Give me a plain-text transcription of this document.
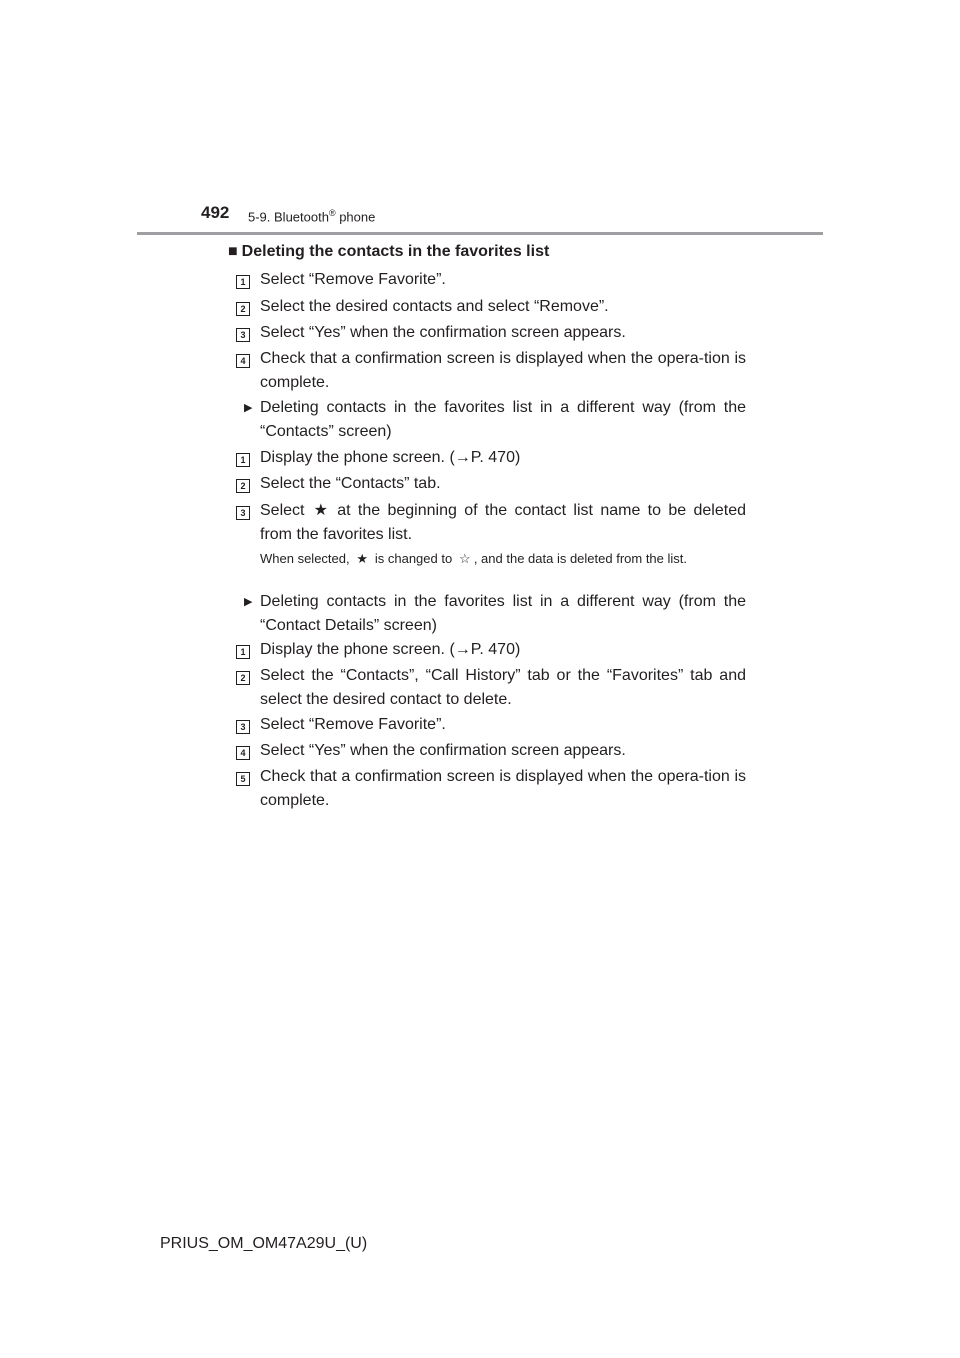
492 5-9. Bluetooth® phone
■ Deleting the contacts in the favorites list
1 Select “Remove Favorite”.
2 Select the desired contacts and select “Remove”.
3 Select “Yes” when the confirmation screen appears.
4 Check that a confirmation screen is displayed when the opera-tion is complete.
▶ Deleting contacts in the favorites list in a different way (from the “Contacts” screen)
1 Display the phone screen. (→P. 470)
2 Select the “Contacts” tab.
3 Select ★ at the beginning of the contact list name to be deleted from the favorites list.
When selected, ★ is changed to ☆ , and the data is deleted from the list.
▶ Deleting contacts in the favorites list in a different way (from the “Contact Details” screen)
1 Display the phone screen. (→P. 470)
2 Select the “Contacts”, “Call History” tab or the “Favorites” tab and select the desired contact to delete.
3 Select “Remove Favorite”.
4 Select “Yes” when the confirmation screen appears.
5 Check that a confirmation screen is displayed when the opera-tion is complete.
PRIUS_OM_OM47A29U_(U)
